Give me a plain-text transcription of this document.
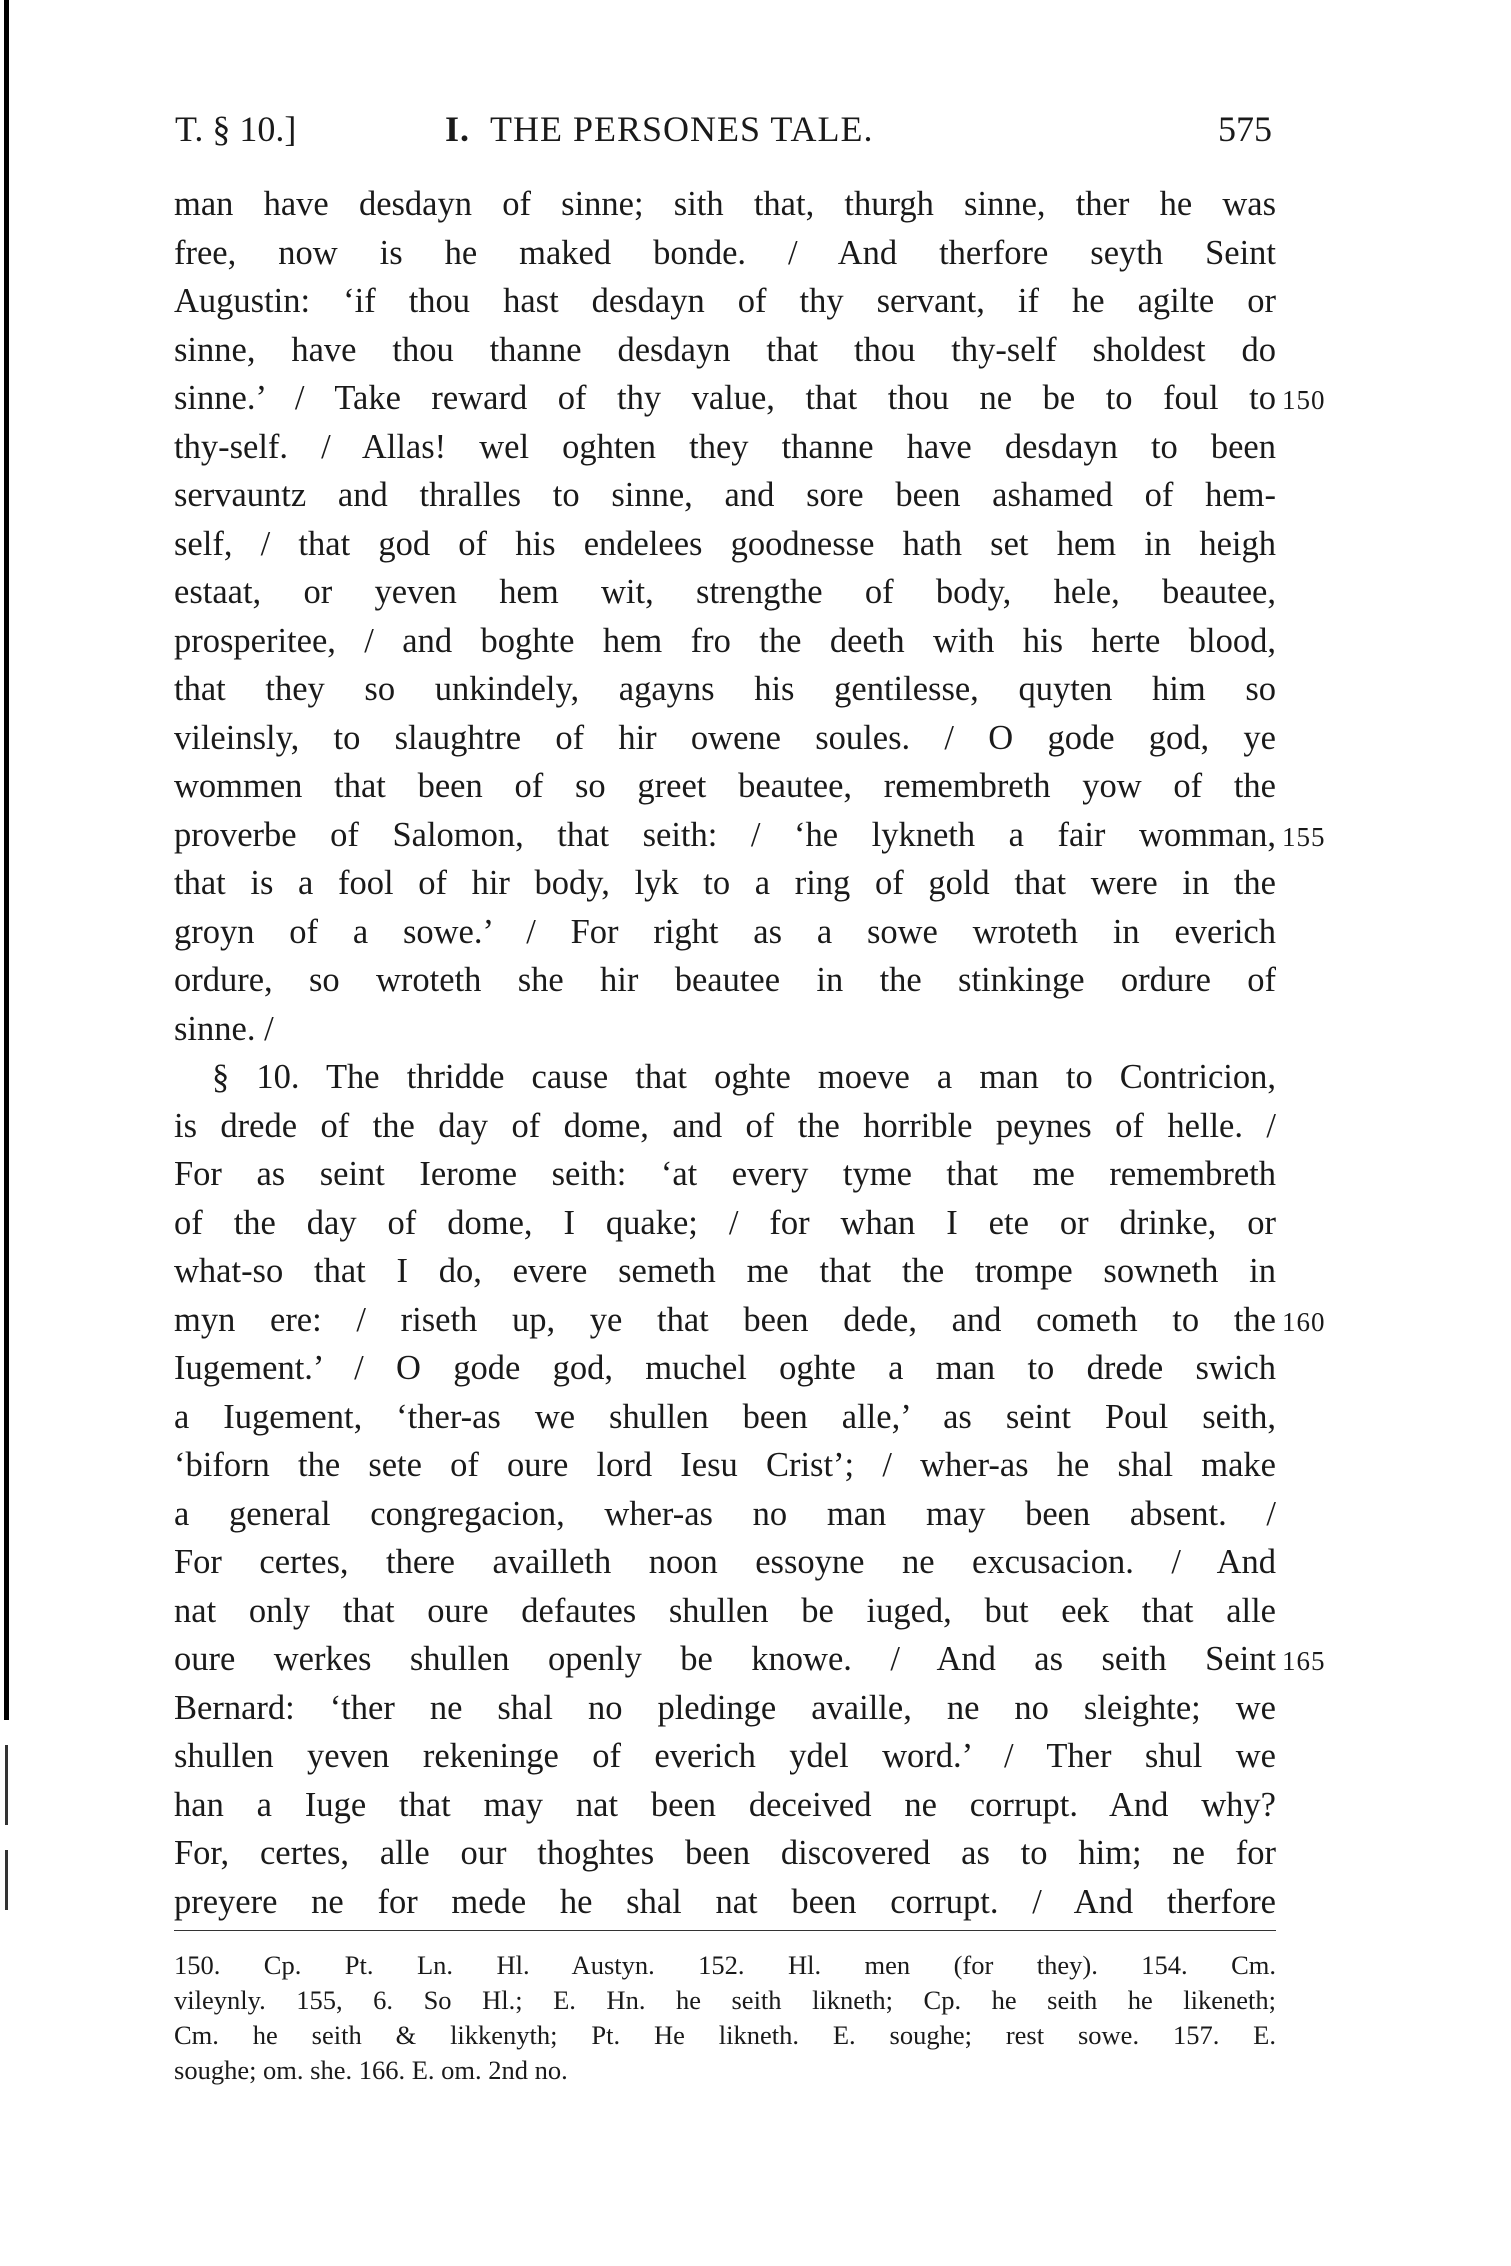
T. § 10.]	I. THE PERSONES TALE.	575
man have desdayn of sinne; sith that, thurgh sinne, ther he was
free, now is he maked bonde. / And therfore seyth Seint
Augustin: ‘if thou hast desdayn of thy servant, if he agilte or
sinne, have thou thanne desdayn that thou thy-self sholdest do
sinne.’ / Take reward of thy value, that thou ne be to foul to 150
thy-self. / Allas! wel oghten they thanne have desdayn to been
servauntz and thralles to sinne, and sore been ashamed of hem-
self, / that god of his endelees goodnesse hath set hem in heigh
estaat, or yeven hem wit, strengthe of body, hele, beautee,
prosperitee, / and boghte hem fro the deeth with his herte blood,
that they so unkindely, agayns his gentilesse, quyten him so
vileinsly, to slaughtre of hir owene soules. / O gode god, ye
wommen that been of so greet beautee, remembreth yow of the
proverbe of Salomon, that seith: / ‘he lykneth a fair womman, 155
that is a fool of hir body, lyk to a ring of gold that were in the
groyn of a sowe.’ / For right as a sowe wroteth in everich
ordure, so wroteth she hir beautee in the stinkinge ordure of
sinne. /
§ 10. The thridde cause that oghte moeve a man to Contricion,
is drede of the day of dome, and of the horrible peynes of helle. /
For as seint Ierome seith: ‘at every tyme that me remembreth
of the day of dome, I quake; / for whan I ete or drinke, or
what-so that I do, evere semeth me that the trompe sowneth in
myn ere: / riseth up, ye that been dede, and cometh to the 160
Iugement.’ / O gode god, muchel oghte a man to drede swich
a Iugement, ‘ther-as we shullen been alle,’ as seint Poul seith,
‘biforn the sete of oure lord Iesu Crist’; / wher-as he shal make
a general congregacion, wher-as no man may been absent. /
For certes, there availleth noon essoyne ne excusacion. / And
nat only that oure defautes shullen be iuged, but eek that alle
oure werkes shullen openly be knowe. / And as seith Seint 165
Bernard: ‘ther ne shal no pledinge availle, ne no sleighte; we
shullen yeven rekeninge of everich ydel word.’ / Ther shul we
han a Iuge that may nat been deceived ne corrupt. And why?
For, certes, alle our thoghtes been discovered as to him; ne for
preyere ne for mede he shal nat been corrupt. / And therfore
150. Cp. Pt. Ln. Hl. Austyn. 152. Hl. men (for they). 154. Cm.
vileynly. 155, 6. So Hl.; E. Hn. he seith likneth; Cp. he seith he likeneth;
Cm. he seith & likkenyth; Pt. He likneth. E. soughe; rest sowe. 157. E.
soughe; om. she. 166. E. om. 2nd no.
